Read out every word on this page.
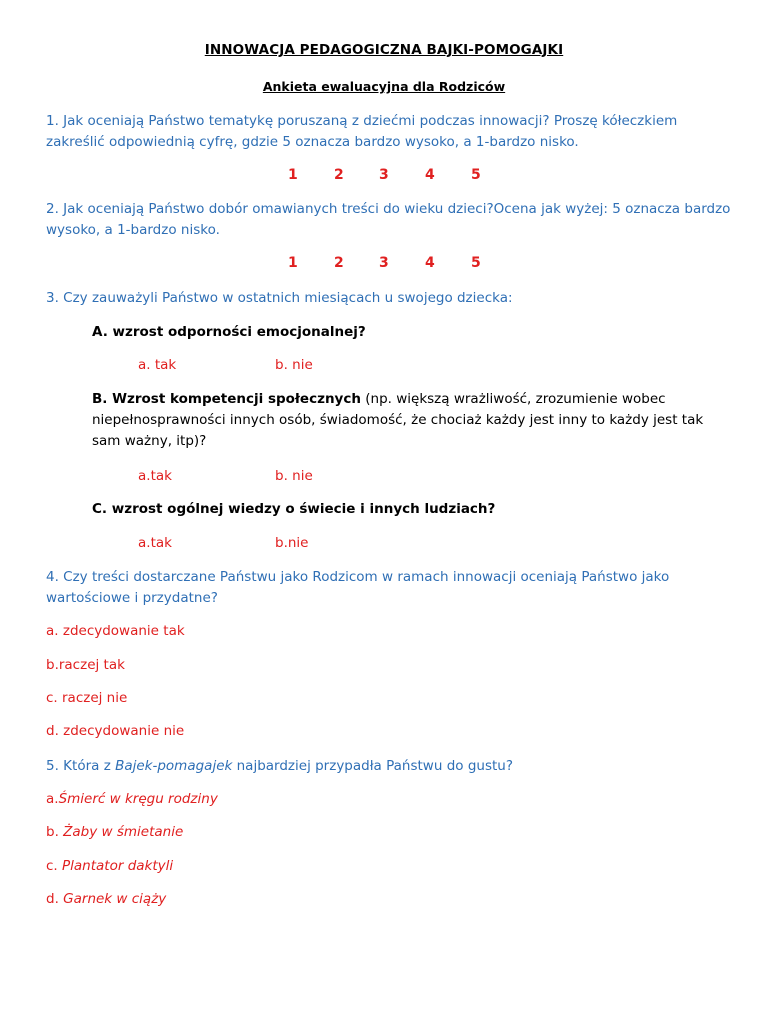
INNOWACJA PEDAGOGICZNA BAJKI-POMOGAJKI
Ankieta ewaluacyjna dla Rodziców
1. Jak oceniają Państwo tematykę poruszaną z dziećmi podczas innowacji? Proszę kółeczkiem zakreślić odpowiednią cyfrę, gdzie 5 oznacza bardzo wysoko, a 1-bardzo nisko.
1	2	3	4	5
2. Jak oceniają Państwo dobór omawianych treści do wieku dzieci?Ocena jak wyżej: 5 oznacza bardzo wysoko, a 1-bardzo nisko.
1	2	3	4	5
3. Czy zauważyli Państwo w ostatnich miesiącach u swojego dziecka:
A. wzrost odporności emocjonalnej?
a. tak	b. nie
B. Wzrost kompetencji społecznych (np. większą wrażliwość, zrozumienie wobec niepełnosprawności innych osób, świadomość, że chociaż każdy jest inny to każdy jest tak sam ważny, itp)?
a.tak	b. nie
C. wzrost ogólnej wiedzy o świecie i innych ludziach?
a.tak	b.nie
4. Czy treści dostarczane Państwu jako Rodzicom w ramach innowacji oceniają Państwo jako wartościowe i przydatne?
a. zdecydowanie tak
b.raczej tak
c. raczej nie
d. zdecydowanie nie
5. Która z Bajek-pomagajek najbardziej przypadła Państwu do gustu?
a.Śmierć w kręgu rodziny
b. Żaby w śmietanie
c. Plantator daktyli
d. Garnek w ciąży
